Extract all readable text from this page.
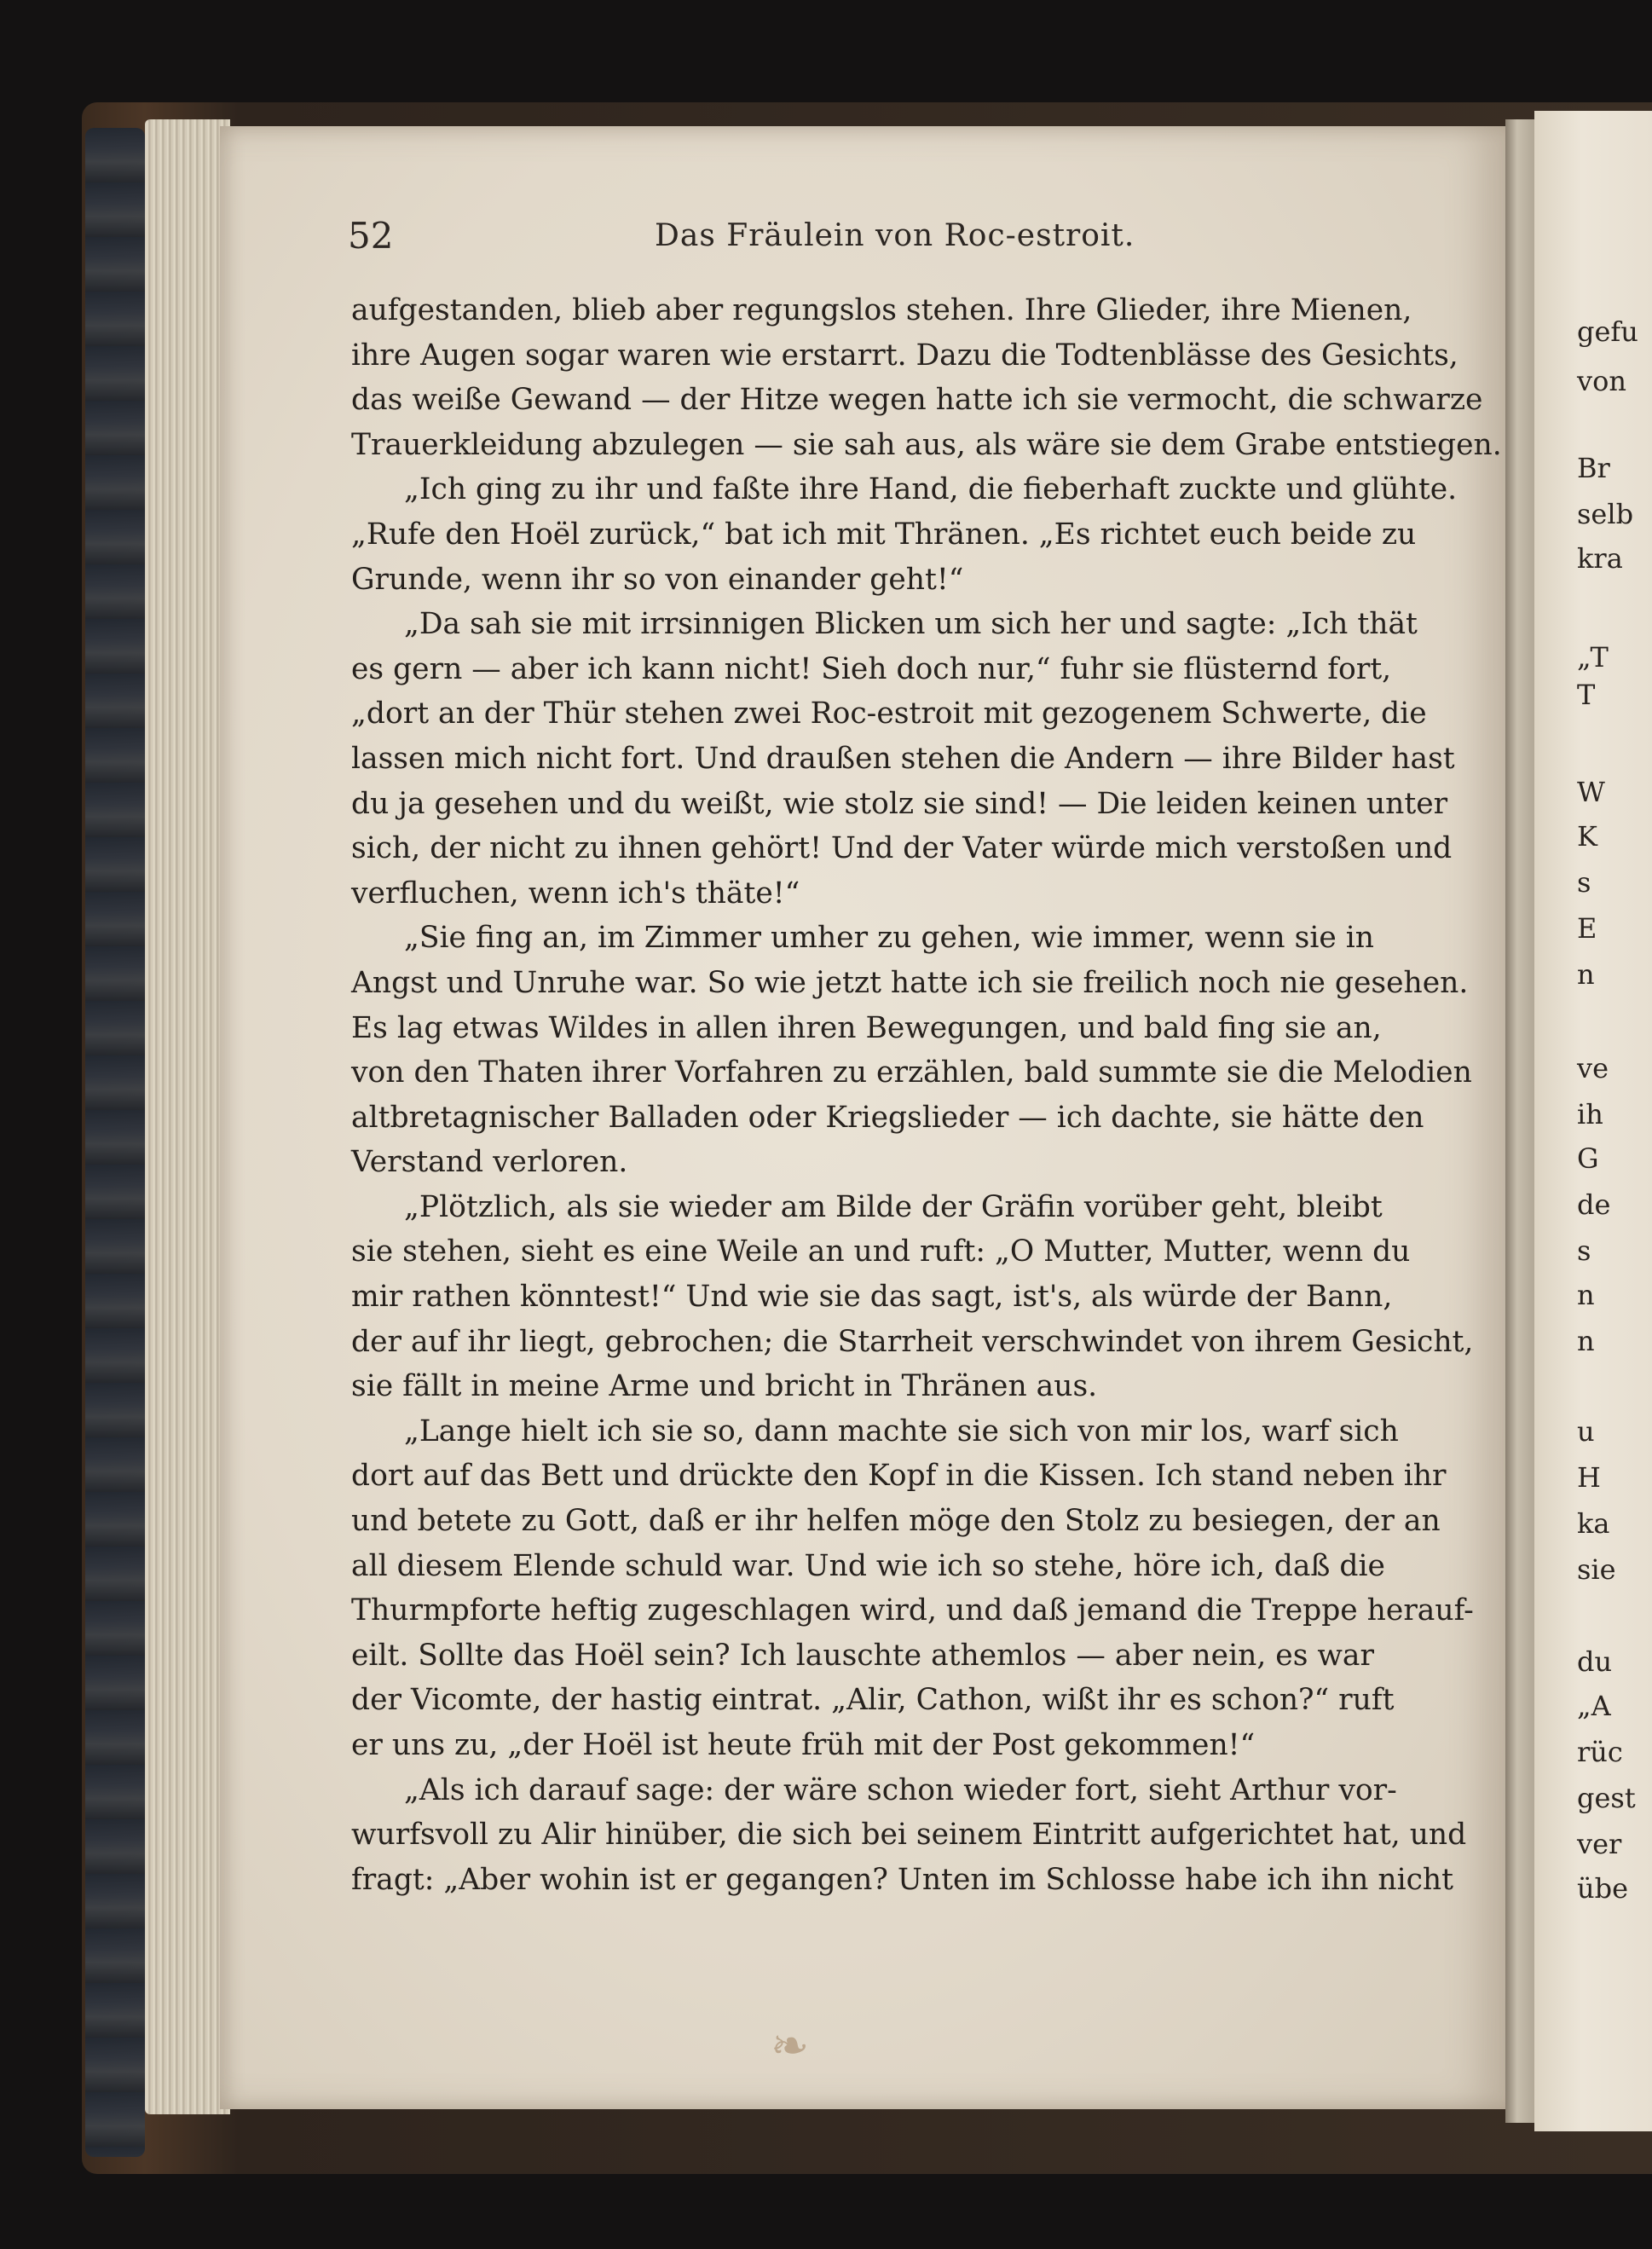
52	Das Fräulein von Roc-estroit.
aufgestanden, blieb aber regungslos stehen. Ihre Glieder, ihre Mienen,
ihre Augen sogar waren wie erstarrt. Dazu die Todtenblässe des Gesichts,
das weiße Gewand — der Hitze wegen hatte ich sie vermocht, die schwarze
Trauerkleidung abzulegen — sie sah aus, als wäre sie dem Grabe entstiegen.
„Ich ging zu ihr und faßte ihre Hand, die fieberhaft zuckte und glühte.
„Rufe den Hoël zurück,“ bat ich mit Thränen. „Es richtet euch beide zu
Grunde, wenn ihr so von einander geht!“
„Da sah sie mit irrsinnigen Blicken um sich her und sagte: „Ich thät
es gern — aber ich kann nicht! Sieh doch nur,“ fuhr sie flüsternd fort,
„dort an der Thür stehen zwei Roc-estroit mit gezogenem Schwerte, die
lassen mich nicht fort. Und draußen stehen die Andern — ihre Bilder hast
du ja gesehen und du weißt, wie stolz sie sind! — Die leiden keinen unter
sich, der nicht zu ihnen gehört! Und der Vater würde mich verstoßen und
verfluchen, wenn ich's thäte!“
„Sie fing an, im Zimmer umher zu gehen, wie immer, wenn sie in
Angst und Unruhe war. So wie jetzt hatte ich sie freilich noch nie gesehen.
Es lag etwas Wildes in allen ihren Bewegungen, und bald fing sie an,
von den Thaten ihrer Vorfahren zu erzählen, bald summte sie die Melodien
altbretagnischer Balladen oder Kriegslieder — ich dachte, sie hätte den
Verstand verloren.
„Plötzlich, als sie wieder am Bilde der Gräfin vorüber geht, bleibt
sie stehen, sieht es eine Weile an und ruft: „O Mutter, Mutter, wenn du
mir rathen könntest!“ Und wie sie das sagt, ist's, als würde der Bann,
der auf ihr liegt, gebrochen; die Starrheit verschwindet von ihrem Gesicht,
sie fällt in meine Arme und bricht in Thränen aus.
„Lange hielt ich sie so, dann machte sie sich von mir los, warf sich
dort auf das Bett und drückte den Kopf in die Kissen. Ich stand neben ihr
und betete zu Gott, daß er ihr helfen möge den Stolz zu besiegen, der an
all diesem Elende schuld war. Und wie ich so stehe, höre ich, daß die
Thurmpforte heftig zugeschlagen wird, und daß jemand die Treppe herauf-
eilt. Sollte das Hoël sein? Ich lauschte athemlos — aber nein, es war
der Vicomte, der hastig eintrat. „Alir, Cathon, wißt ihr es schon?“ ruft
er uns zu, „der Hoël ist heute früh mit der Post gekommen!“
„Als ich darauf sage: der wäre schon wieder fort, sieht Arthur vor-
wurfsvoll zu Alir hinüber, die sich bei seinem Eintritt aufgerichtet hat, und
fragt: „Aber wohin ist er gegangen? Unten im Schlosse habe ich ihn nicht
gefu
von
Br
selb
kra
„T
T
W
K
s
E
n
ve
ih
G
de
s
n
n
u
H
ka
sie
du
„A
rüc
gest
ver
übe
❧
